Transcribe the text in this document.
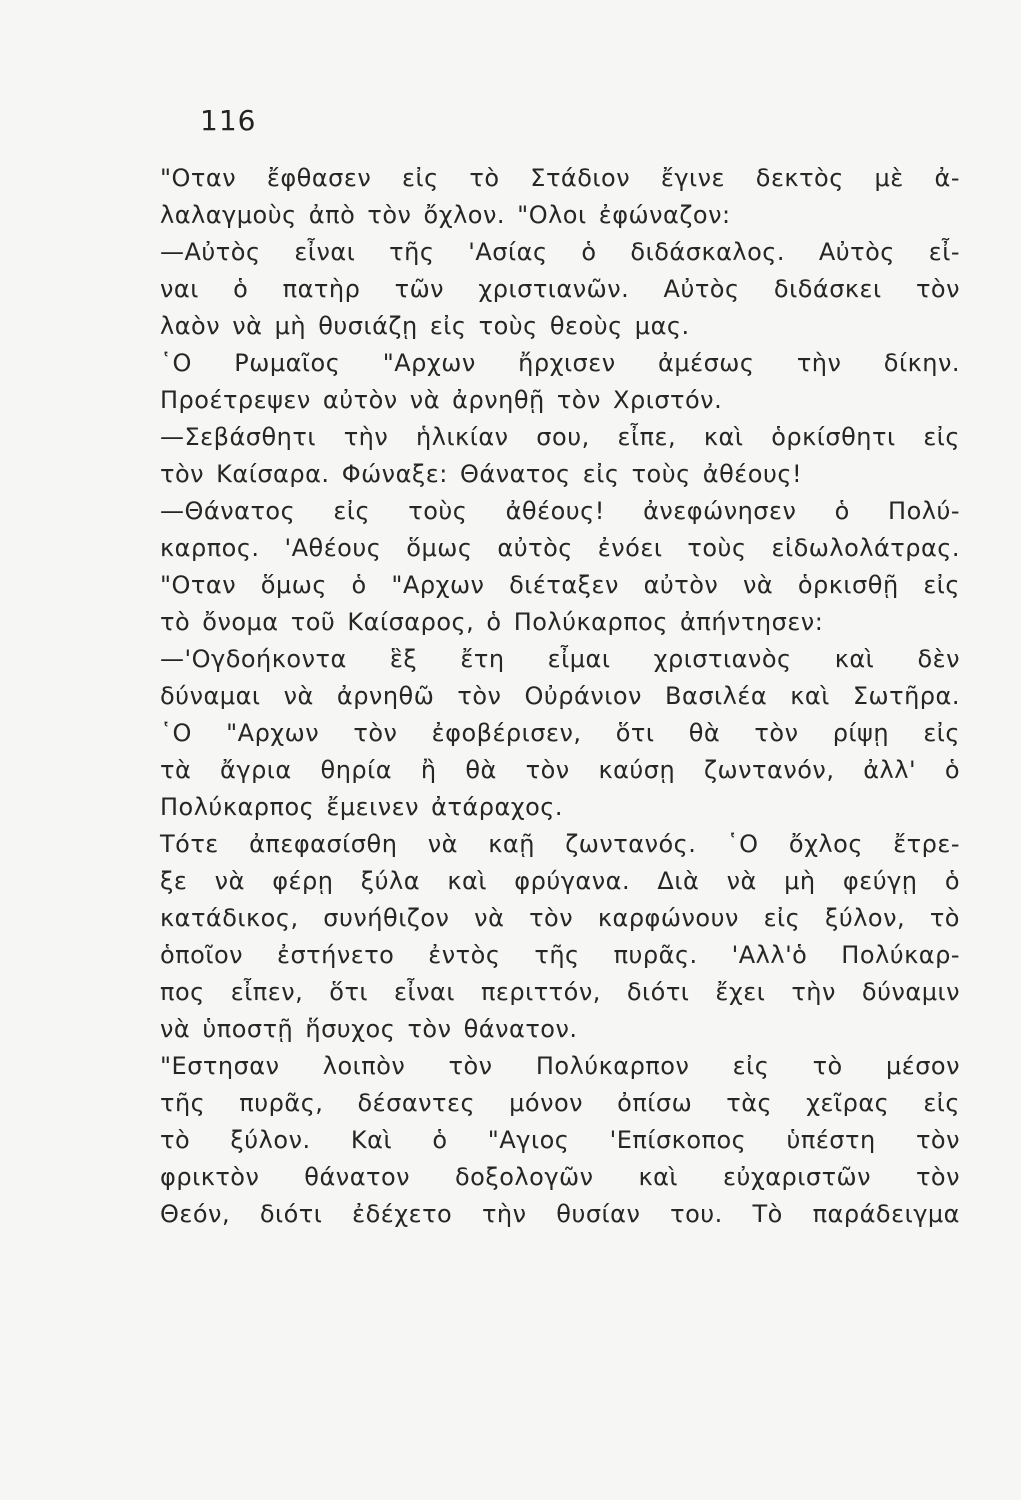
116
"Οταν ἔφθασεν εἰς τὸ Στάδιον ἔγινε δεκτὸς μὲ ἀ-
λαλαγμοὺς ἀπὸ τὸν ὄχλον. "Ολοι ἐφώναζον:
—Αὐτὸς εἶναι τῆς 'Ασίας ὁ διδάσκαλος. Αὐτὸς εἶ-
ναι ὁ πατὴρ τῶν χριστιανῶν. Αὐτὸς διδάσκει τὸν
λαὸν νὰ μὴ θυσιάζῃ εἰς τοὺς θεοὺς μας.
῾Ο Ρωμαῖος "Αρχων ἤρχισεν ἀμέσως τὴν δίκην.
Προέτρεψεν αὐτὸν νὰ ἀρνηθῇ τὸν Χριστόν.
—Σεβάσθητι τὴν ἡλικίαν σου, εἶπε, καὶ ὁρκίσθητι εἰς
τὸν Καίσαρα. Φώναξε: Θάνατος εἰς τοὺς ἀθέους!
—Θάνατος εἰς τοὺς ἀθέους! ἀνεφώνησεν ὁ Πολύ-
καρπος. 'Αθέους ὅμως αὐτὸς ἐνόει τοὺς εἰδωλολάτρας.
"Οταν ὅμως ὁ "Αρχων διέταξεν αὐτὸν νὰ ὁρκισθῇ εἰς
τὸ ὄνομα τοῦ Καίσαρος, ὁ Πολύκαρπος ἀπήντησεν:
—'Ογδοήκοντα ἓξ ἔτη εἶμαι χριστιανὸς καὶ δὲν
δύναμαι νὰ ἀρνηθῶ τὸν Οὐράνιον Βασιλέα καὶ Σωτῆρα.
῾Ο "Αρχων τὸν ἐφοβέρισεν, ὅτι θὰ τὸν ρίψῃ εἰς
τὰ ἄγρια θηρία ἢ θὰ τὸν καύσῃ ζωντανόν, ἀλλ' ὁ
Πολύκαρπος ἔμεινεν ἀτάραχος.
Τότε ἀπεφασίσθη νὰ καῇ ζωντανός. ῾Ο ὄχλος ἔτρε-
ξε νὰ φέρῃ ξύλα καὶ φρύγανα. Διὰ νὰ μὴ φεύγῃ ὁ
κατάδικος, συνήθιζον νὰ τὸν καρφώνουν εἰς ξύλον, τὸ
ὁποῖον ἐστήνετο ἐντὸς τῆς πυρᾶς. 'Αλλ'ὁ Πολύκαρ-
πος εἶπεν, ὅτι εἶναι περιττόν, διότι ἔχει τὴν δύναμιν
νὰ ὑποστῇ ἥσυχος τὸν θάνατον.
"Εστησαν λοιπὸν τὸν Πολύκαρπον εἰς τὸ μέσον
τῆς πυρᾶς, δέσαντες μόνον ὀπίσω τὰς χεῖρας εἰς
τὸ ξύλον. Καὶ ὁ "Αγιος 'Επίσκοπος ὑπέστη τὸν
φρικτὸν θάνατον δοξολογῶν καὶ εὐχαριστῶν τὸν
Θεόν, διότι ἐδέχετο τὴν θυσίαν του. Τὸ παράδειγμα
